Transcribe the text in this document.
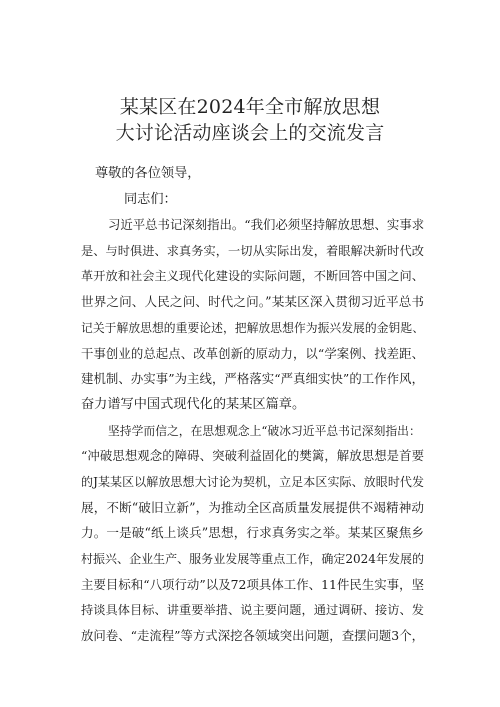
某某区在2024年全市解放思想
大讨论活动座谈会上的交流发言
尊敬的各位领导，
同志们：
习近平总书记深刻指出。“我们必须坚持解放思想、实事求
是、与时俱进、求真务实，一切从实际出发，着眼解决新时代改
革开放和社会主义现代化建设的实际问题，不断回答中国之问、
世界之问、人民之问、时代之问。”某某区深入贯彻习近平总书
记关于解放思想的重要论述，把解放思想作为振兴发展的金钥匙、
干事创业的总起点、改革创新的原动力，以“学案例、找差距、
建机制、办实事”为主线，严格落实“严真细实快”的工作作风，
奋力谱写中国式现代化的某某区篇章。
坚持学而信之，在思想观念上“破冰习近平总书记深刻指出：
“冲破思想观念的障碍、突破利益固化的樊篱，解放思想是首要
的J某某区以解放思想大讨论为契机，立足本区实际、放眼时代发
展，不断“破旧立新”，为推动全区高质量发展提供不竭精神动
力。一是破“纸上谈兵”思想，行求真务实之举。某某区聚焦乡
村振兴、企业生产、服务业发展等重点工作，确定2024年发展的
主要目标和“八项行动”以及72项具体工作、11件民生实事，坚
持谈具体目标、讲重要举措、说主要问题，通过调研、接访、发
放问卷、“走流程”等方式深挖各领域突出问题，查摆问题3个，
